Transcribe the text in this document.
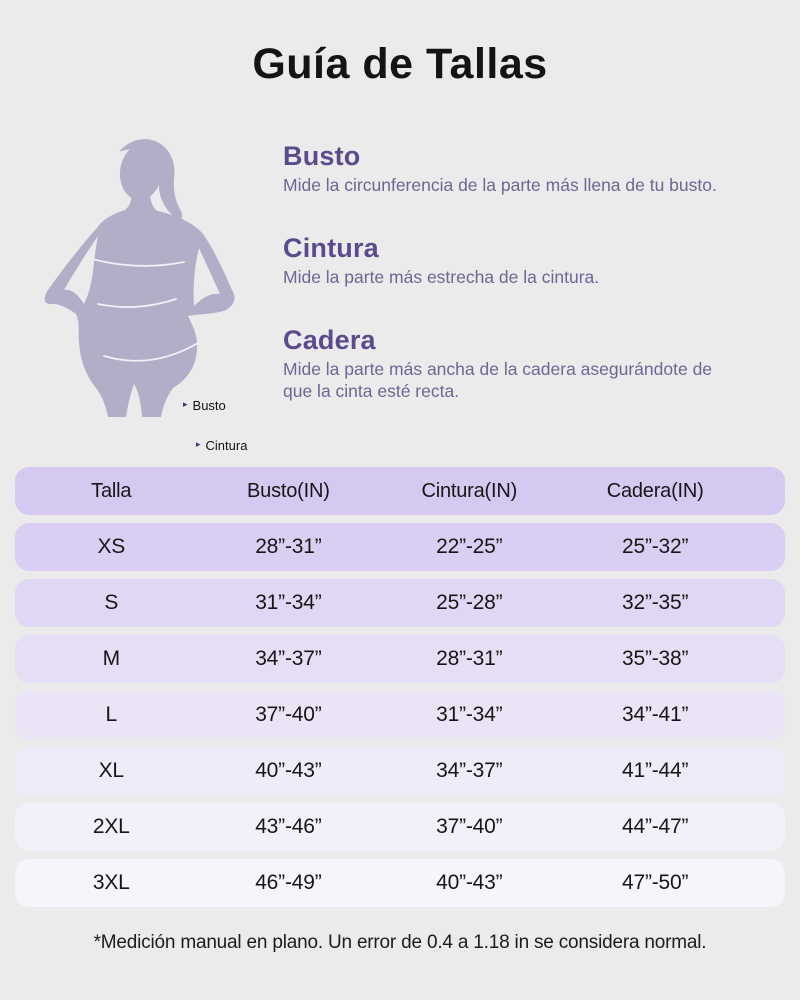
Guía de Tallas
▸ Busto
▸ Cintura
Busto

Mide la circunferencia de la parte más llena de tu busto.

Cintura

Mide la parte más estrecha de la cintura.

Cadera

Mide la parte más ancha de la cadera asegurándote de que la cinta esté recta.

Talla	Busto(IN)	Cintura(IN)	Cadera(IN)
XS	28”-31”	22”-25”	25”-32”
S	31”-34”	25”-28”	32”-35”
M	34”-37”	28”-31”	35”-38”
L	37”-40”	31”-34”	34”-41”
XL	40”-43”	34”-37”	41”-44”
2XL	43”-46”	37”-40”	44”-47”
3XL	46”-49”	40”-43”	47”-50”

*Medición manual en plano. Un error de 0.4 a 1.18 in se considera normal.
